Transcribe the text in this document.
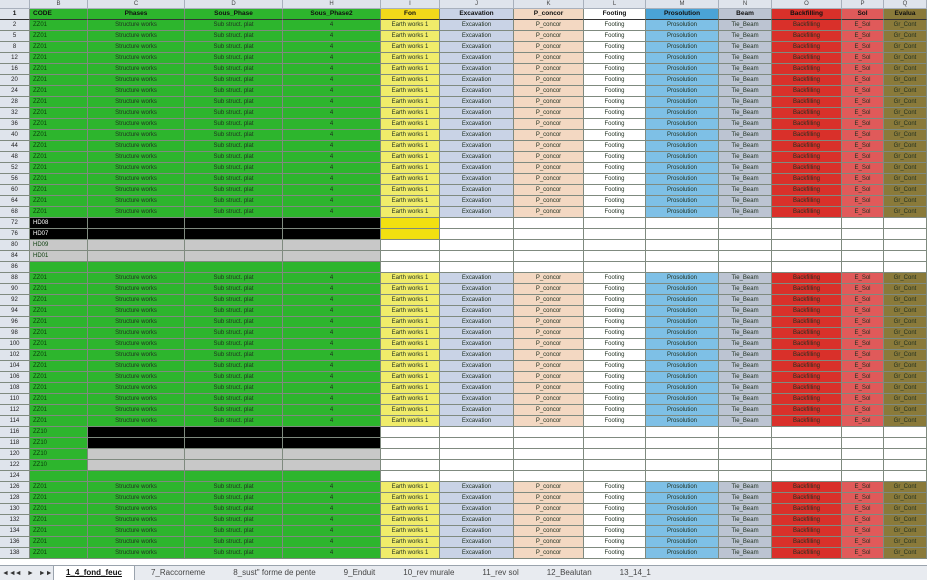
B	C	D	H	I	J	K	L	M	N	O	P	Q
1	CODE	Phases	Sous_Phase	Sous_Phase2	Fon	Excavation	P_concor	Footing	Prosolution	Beam	Backfilling	Sol	Evalua
2	ZZ01	Structure works	Sub struct. plat	4	Earth works 1	Excavation	P_concor	Footing	Prosolution	Tie_Beam	Backfilling	E_Sol	Gr_Cont
5	ZZ01	Structure works	Sub struct. plat	4	Earth works 1	Excavation	P_concor	Footing	Prosolution	Tie_Beam	Backfilling	E_Sol	Gr_Cont
8	ZZ01	Structure works	Sub struct. plat	4	Earth works 1	Excavation	P_concor	Footing	Prosolution	Tie_Beam	Backfilling	E_Sol	Gr_Cont
12	ZZ01	Structure works	Sub struct. plat	4	Earth works 1	Excavation	P_concor	Footing	Prosolution	Tie_Beam	Backfilling	E_Sol	Gr_Cont
16	ZZ01	Structure works	Sub struct. plat	4	Earth works 1	Excavation	P_concor	Footing	Prosolution	Tie_Beam	Backfilling	E_Sol	Gr_Cont
20	ZZ01	Structure works	Sub struct. plat	4	Earth works 1	Excavation	P_concor	Footing	Prosolution	Tie_Beam	Backfilling	E_Sol	Gr_Cont
24	ZZ01	Structure works	Sub struct. plat	4	Earth works 1	Excavation	P_concor	Footing	Prosolution	Tie_Beam	Backfilling	E_Sol	Gr_Cont
28	ZZ01	Structure works	Sub struct. plat	4	Earth works 1	Excavation	P_concor	Footing	Prosolution	Tie_Beam	Backfilling	E_Sol	Gr_Cont
32	ZZ01	Structure works	Sub struct. plat	4	Earth works 1	Excavation	P_concor	Footing	Prosolution	Tie_Beam	Backfilling	E_Sol	Gr_Cont
36	ZZ01	Structure works	Sub struct. plat	4	Earth works 1	Excavation	P_concor	Footing	Prosolution	Tie_Beam	Backfilling	E_Sol	Gr_Cont
40	ZZ01	Structure works	Sub struct. plat	4	Earth works 1	Excavation	P_concor	Footing	Prosolution	Tie_Beam	Backfilling	E_Sol	Gr_Cont
44	ZZ01	Structure works	Sub struct. plat	4	Earth works 1	Excavation	P_concor	Footing	Prosolution	Tie_Beam	Backfilling	E_Sol	Gr_Cont
48	ZZ01	Structure works	Sub struct. plat	4	Earth works 1	Excavation	P_concor	Footing	Prosolution	Tie_Beam	Backfilling	E_Sol	Gr_Cont
52	ZZ01	Structure works	Sub struct. plat	4	Earth works 1	Excavation	P_concor	Footing	Prosolution	Tie_Beam	Backfilling	E_Sol	Gr_Cont
56	ZZ01	Structure works	Sub struct. plat	4	Earth works 1	Excavation	P_concor	Footing	Prosolution	Tie_Beam	Backfilling	E_Sol	Gr_Cont
60	ZZ01	Structure works	Sub struct. plat	4	Earth works 1	Excavation	P_concor	Footing	Prosolution	Tie_Beam	Backfilling	E_Sol	Gr_Cont
64	ZZ01	Structure works	Sub struct. plat	4	Earth works 1	Excavation	P_concor	Footing	Prosolution	Tie_Beam	Backfilling	E_Sol	Gr_Cont
68	ZZ01	Structure works	Sub struct. plat	4	Earth works 1	Excavation	P_concor	Footing	Prosolution	Tie_Beam	Backfilling	E_Sol	Gr_Cont
72	HD08
76	HD07
80	HD09
84	HD01
86
88	ZZ01	Structure works	Sub struct. plat	4	Earth works 1	Excavation	P_concor	Footing	Prosolution	Tie_Beam	Backfilling	E_Sol	Gr_Cont
90	ZZ01	Structure works	Sub struct. plat	4	Earth works 1	Excavation	P_concor	Footing	Prosolution	Tie_Beam	Backfilling	E_Sol	Gr_Cont
92	ZZ01	Structure works	Sub struct. plat	4	Earth works 1	Excavation	P_concor	Footing	Prosolution	Tie_Beam	Backfilling	E_Sol	Gr_Cont
94	ZZ01	Structure works	Sub struct. plat	4	Earth works 1	Excavation	P_concor	Footing	Prosolution	Tie_Beam	Backfilling	E_Sol	Gr_Cont
96	ZZ01	Structure works	Sub struct. plat	4	Earth works 1	Excavation	P_concor	Footing	Prosolution	Tie_Beam	Backfilling	E_Sol	Gr_Cont
98	ZZ01	Structure works	Sub struct. plat	4	Earth works 1	Excavation	P_concor	Footing	Prosolution	Tie_Beam	Backfilling	E_Sol	Gr_Cont
100	ZZ01	Structure works	Sub struct. plat	4	Earth works 1	Excavation	P_concor	Footing	Prosolution	Tie_Beam	Backfilling	E_Sol	Gr_Cont
102	ZZ01	Structure works	Sub struct. plat	4	Earth works 1	Excavation	P_concor	Footing	Prosolution	Tie_Beam	Backfilling	E_Sol	Gr_Cont
104	ZZ01	Structure works	Sub struct. plat	4	Earth works 1	Excavation	P_concor	Footing	Prosolution	Tie_Beam	Backfilling	E_Sol	Gr_Cont
106	ZZ01	Structure works	Sub struct. plat	4	Earth works 1	Excavation	P_concor	Footing	Prosolution	Tie_Beam	Backfilling	E_Sol	Gr_Cont
108	ZZ01	Structure works	Sub struct. plat	4	Earth works 1	Excavation	P_concor	Footing	Prosolution	Tie_Beam	Backfilling	E_Sol	Gr_Cont
110	ZZ01	Structure works	Sub struct. plat	4	Earth works 1	Excavation	P_concor	Footing	Prosolution	Tie_Beam	Backfilling	E_Sol	Gr_Cont
112	ZZ01	Structure works	Sub struct. plat	4	Earth works 1	Excavation	P_concor	Footing	Prosolution	Tie_Beam	Backfilling	E_Sol	Gr_Cont
114	ZZ01	Structure works	Sub struct. plat	4	Earth works 1	Excavation	P_concor	Footing	Prosolution	Tie_Beam	Backfilling	E_Sol	Gr_Cont
116	ZZ10
118	ZZ10
120	ZZ10
122	ZZ10
124
126	ZZ01	Structure works	Sub struct. plat	4	Earth works 1	Excavation	P_concor	Footing	Prosolution	Tie_Beam	Backfilling	E_Sol	Gr_Cont
128	ZZ01	Structure works	Sub struct. plat	4	Earth works 1	Excavation	P_concor	Footing	Prosolution	Tie_Beam	Backfilling	E_Sol	Gr_Cont
130	ZZ01	Structure works	Sub struct. plat	4	Earth works 1	Excavation	P_concor	Footing	Prosolution	Tie_Beam	Backfilling	E_Sol	Gr_Cont
132	ZZ01	Structure works	Sub struct. plat	4	Earth works 1	Excavation	P_concor	Footing	Prosolution	Tie_Beam	Backfilling	E_Sol	Gr_Cont
134	ZZ01	Structure works	Sub struct. plat	4	Earth works 1	Excavation	P_concor	Footing	Prosolution	Tie_Beam	Backfilling	E_Sol	Gr_Cont
136	ZZ01	Structure works	Sub struct. plat	4	Earth works 1	Excavation	P_concor	Footing	Prosolution	Tie_Beam	Backfilling	E_Sol	Gr_Cont
138	ZZ01	Structure works	Sub struct. plat	4	Earth works 1	Excavation	P_concor	Footing	Prosolution	Tie_Beam	Backfilling	E_Sol	Gr_Cont
◄◄ ◄ ► ►► 1_4_fond_feuc	7_Raccorneme	8_sust" forme de pente	9_Enduit	10_rev murale	11_rev sol	12_Bealutan	13_14_1
